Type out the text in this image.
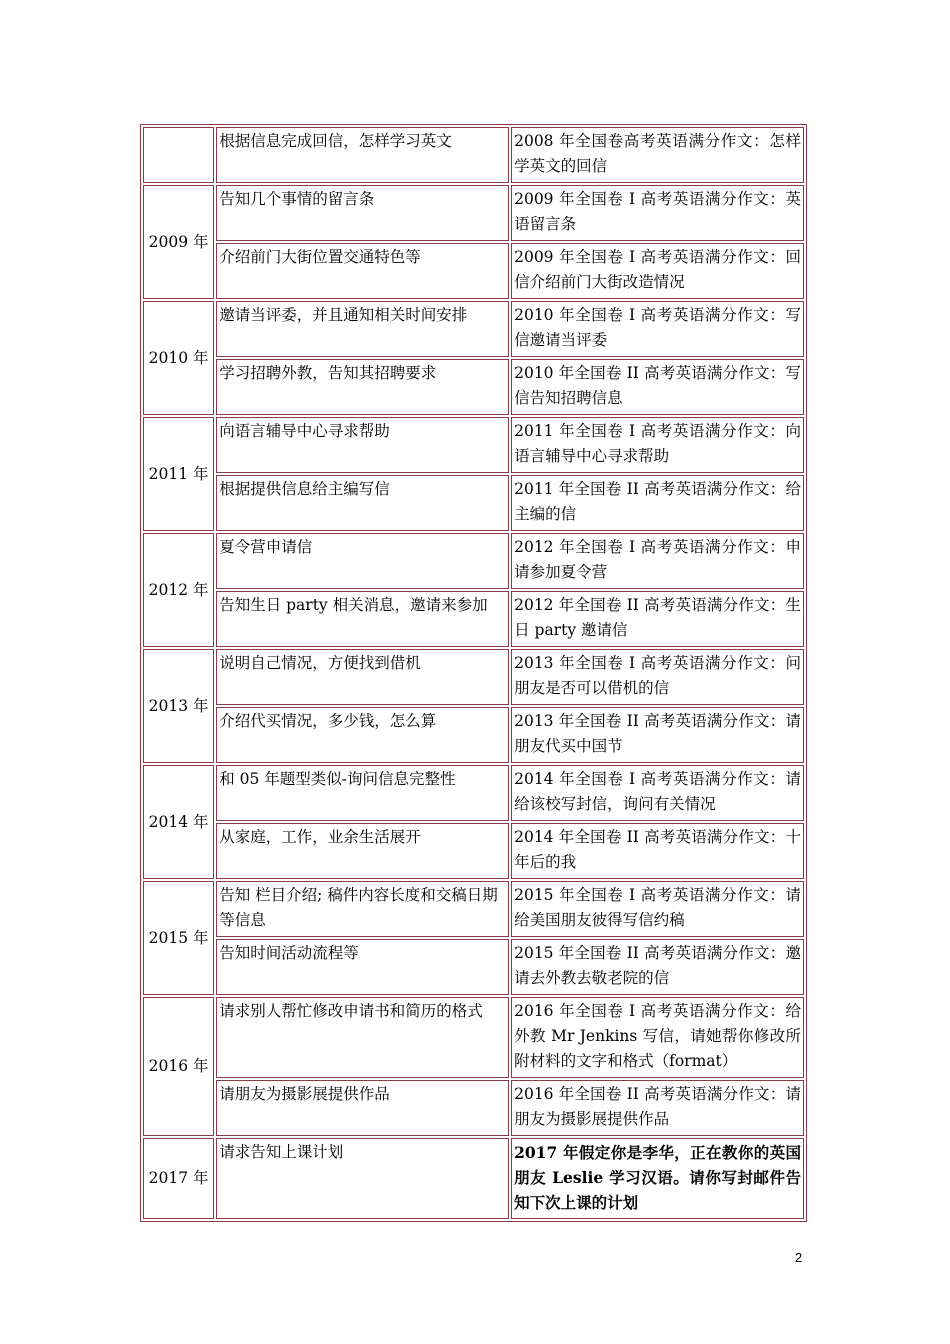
	根据信息完成回信，怎样学习英文	2008 年全国卷高考英语满分作文：怎样学英文的回信
2009 年	告知几个事情的留言条	2009 年全国卷 I 高考英语满分作文：英语留言条
	介绍前门大街位置交通特色等	2009 年全国卷 I 高考英语满分作文：回信介绍前门大街改造情况
2010 年	邀请当评委，并且通知相关时间安排	2010 年全国卷 I 高考英语满分作文：写信邀请当评委
	学习招聘外教，告知其招聘要求	2010 年全国卷 II 高考英语满分作文：写信告知招聘信息
2011 年	向语言辅导中心寻求帮助	2011 年全国卷 I 高考英语满分作文：向语言辅导中心寻求帮助
	根据提供信息给主编写信	2011 年全国卷 II 高考英语满分作文：给主编的信
2012 年	夏令营申请信	2012 年全国卷 I 高考英语满分作文：申请参加夏令营
	告知生日 party 相关消息，邀请来参加	2012 年全国卷 II 高考英语满分作文：生日 party 邀请信
2013 年	说明自己情况，方便找到借机	2013 年全国卷 I 高考英语满分作文：问朋友是否可以借机的信
	介绍代买情况，多少钱，怎么算	2013 年全国卷 II 高考英语满分作文：请朋友代买中国节
2014 年	和 05 年题型类似-询问信息完整性	2014 年全国卷 I 高考英语满分作文：请给该校写封信，询问有关情况
	从家庭，工作，业余生活展开	2014 年全国卷 II 高考英语满分作文：十年后的我
2015 年	告知 栏目介绍; 稿件内容长度和交稿日期等信息	2015 年全国卷 I 高考英语满分作文：请给美国朋友彼得写信约稿
	告知时间活动流程等	2015 年全国卷 II 高考英语满分作文：邀请去外教去敬老院的信
2016 年	请求别人帮忙修改申请书和简历的格式	2016 年全国卷 I 高考英语满分作文：给外教 Mr Jenkins 写信，请她帮你修改所附材料的文字和格式（format）
	请朋友为摄影展提供作品	2016 年全国卷 II 高考英语满分作文：请朋友为摄影展提供作品
2017 年	请求告知上课计划	2017 年假定你是李华，正在教你的英国朋友 Leslie 学习汉语。请你写封邮件告知下次上课的计划
2
